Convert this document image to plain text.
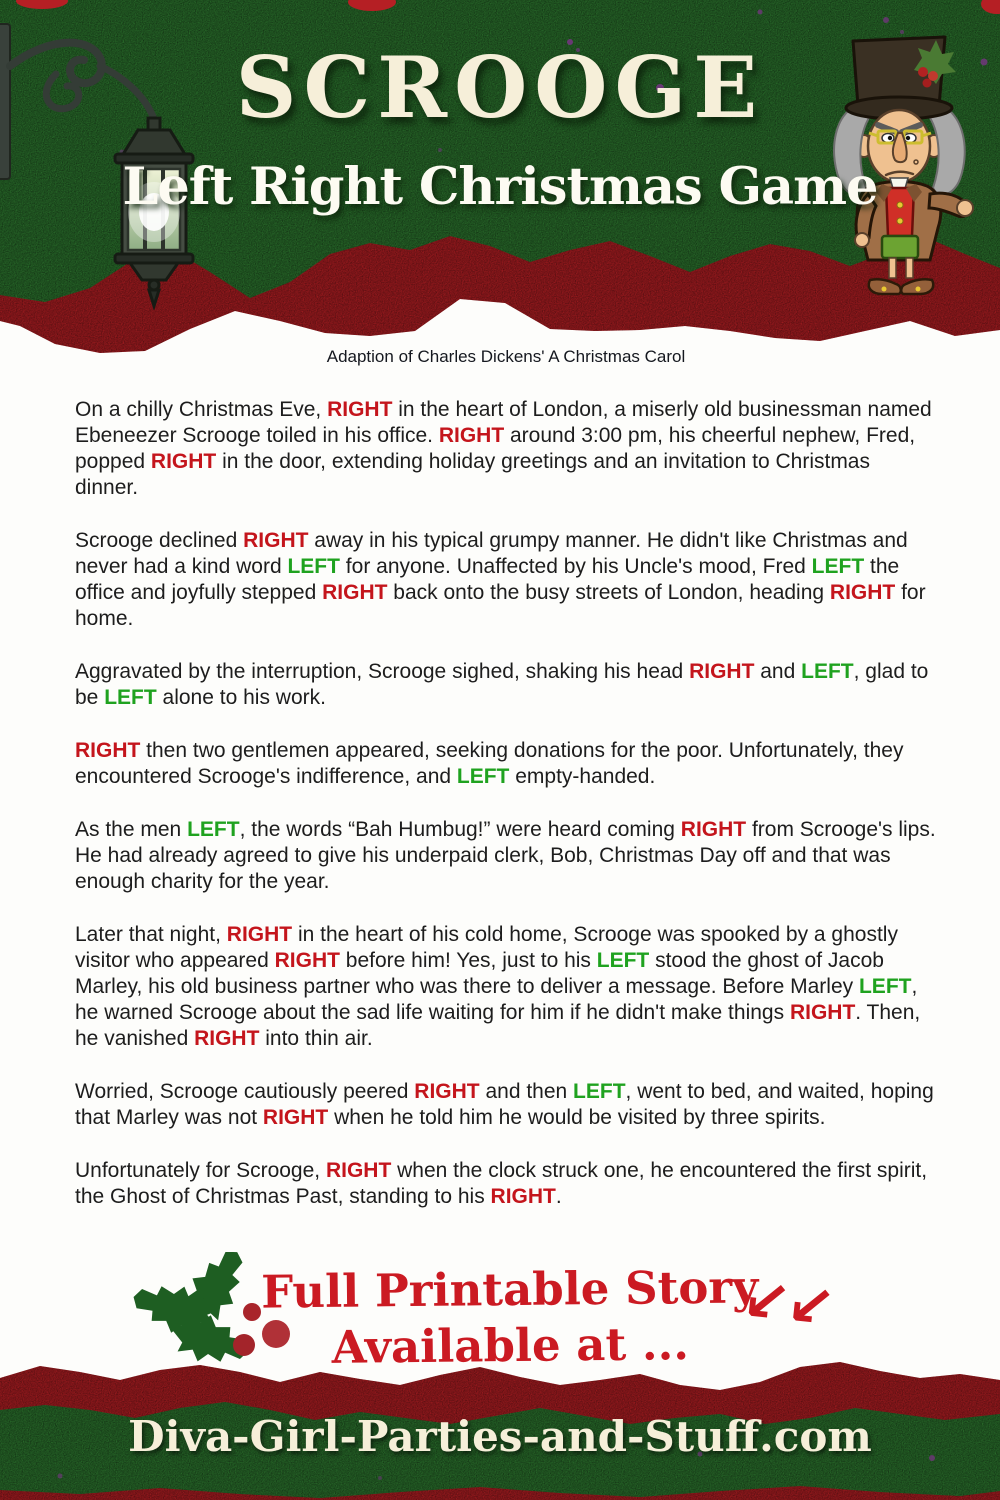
SCROOGE
Left Right Christmas Game

Adaption of Charles Dickens' A Christmas Carol

On a chilly Christmas Eve, RIGHT in the heart of London, a miserly old businessman named Ebeneezer Scrooge toiled in his office. RIGHT around 3:00 pm, his cheerful nephew, Fred, popped RIGHT in the door, extending holiday greetings and an invitation to Christmas dinner.

Scrooge declined RIGHT away in his typical grumpy manner. He didn't like Christmas and never had a kind word LEFT for anyone. Unaffected by his Uncle's mood, Fred LEFT the office and joyfully stepped RIGHT back onto the busy streets of London, heading RIGHT for home.

Aggravated by the interruption, Scrooge sighed, shaking his head RIGHT and LEFT, glad to be LEFT alone to his work.

RIGHT then two gentlemen appeared, seeking donations for the poor. Unfortunately, they encountered Scrooge's indifference, and LEFT empty-handed.

As the men LEFT, the words “Bah Humbug!” were heard coming RIGHT from Scrooge's lips. He had already agreed to give his underpaid clerk, Bob, Christmas Day off and that was enough charity for the year.

Later that night, RIGHT in the heart of his cold home, Scrooge was spooked by a ghostly visitor who appeared RIGHT before him! Yes, just to his LEFT stood the ghost of Jacob Marley, his old business partner who was there to deliver a message. Before Marley LEFT, he warned Scrooge about the sad life waiting for him if he didn't make things RIGHT. Then, he vanished RIGHT into thin air.

Worried, Scrooge cautiously peered RIGHT and then LEFT, went to bed, and waited, hoping that Marley was not RIGHT when he told him he would be visited by three spirits.

Unfortunately for Scrooge, RIGHT when the clock struck one, he encountered the first spirit, the Ghost of Christmas Past, standing to his RIGHT.

Full Printable Story
Available at ...
↙↙
Diva-Girl-Parties-and-Stuff.com
